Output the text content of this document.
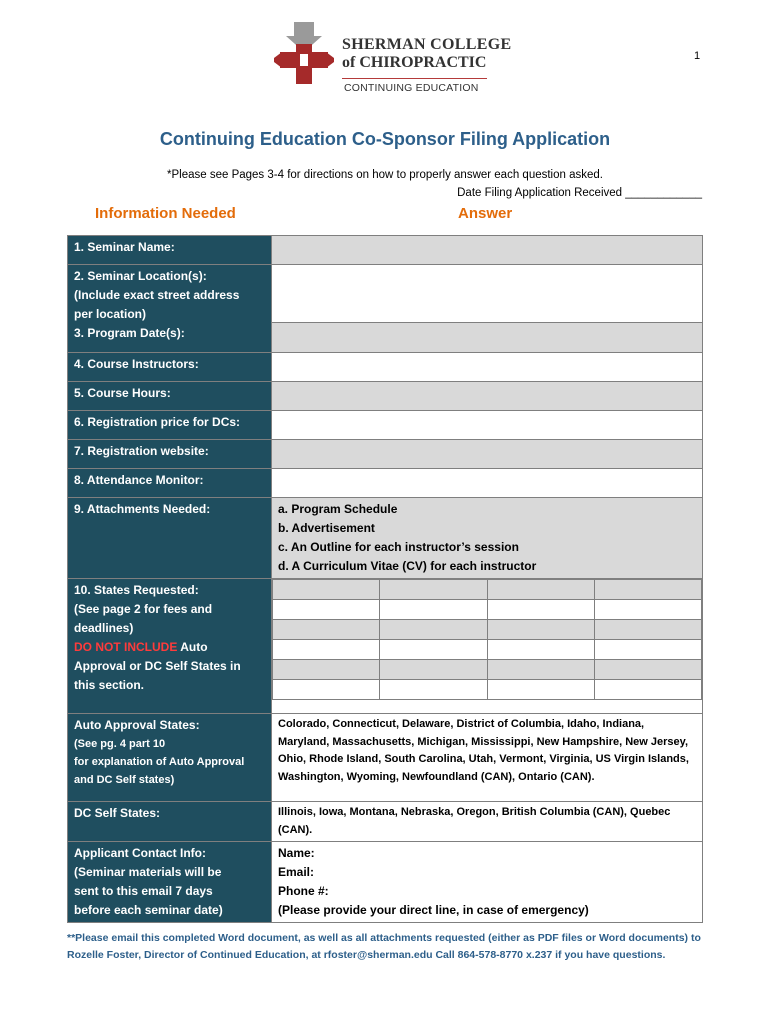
SHERMAN COLLEGE
of CHIROPRACTIC
CONTINUING EDUCATION
1
Continuing Education Co-Sponsor Filing Application
*Please see Pages 3-4 for directions on how to properly answer each question asked.
Date Filing Application Received ____________
Information Needed	Answer
1. Seminar Name:	

2. Seminar Location(s):
(Include exact street address
per location)
3. Program Date(s):

4. Course Instructors:	
5. Course Hours:	
6. Registration price for DCs:	
7. Registration website:	
8. Attendance Monitor:	
9. Attachments Needed:	a. Program Schedule
b. Advertisement
c. An Outline for each instructor’s session
d. A Curriculum Vitae (CV) for each instructor

10. States Requested:
(See page 2 for fees and
deadlines)
DO NOT INCLUDE Auto
Approval or DC Self States in
this section.

Auto Approval States:
(See pg. 4 part 10
for explanation of Auto Approval
and DC Self states)
	Colorado, Connecticut, Delaware, District of Columbia, Idaho, Indiana, Maryland, Massachusetts, Michigan, Mississippi, New Hampshire, New Jersey, Ohio, Rhode Island, South Carolina, Utah, Vermont, Virginia, US Virgin Islands, Washington, Wyoming, Newfoundland (CAN), Ontario (CAN).
DC Self States:	Illinois, Iowa, Montana, Nebraska, Oregon, British Columbia (CAN), Quebec (CAN).

Applicant Contact Info:
(Seminar materials will be
sent to this email 7 days
before each seminar date)

Name:
Email:
Phone #:
(Please provide your direct line, in case of emergency)
**Please email this completed Word document, as well as all attachments requested (either as PDF files or Word documents) to Rozelle Foster, Director of Continued Education, at rfoster@sherman.edu Call 864-578-8770 x.237 if you have questions.
